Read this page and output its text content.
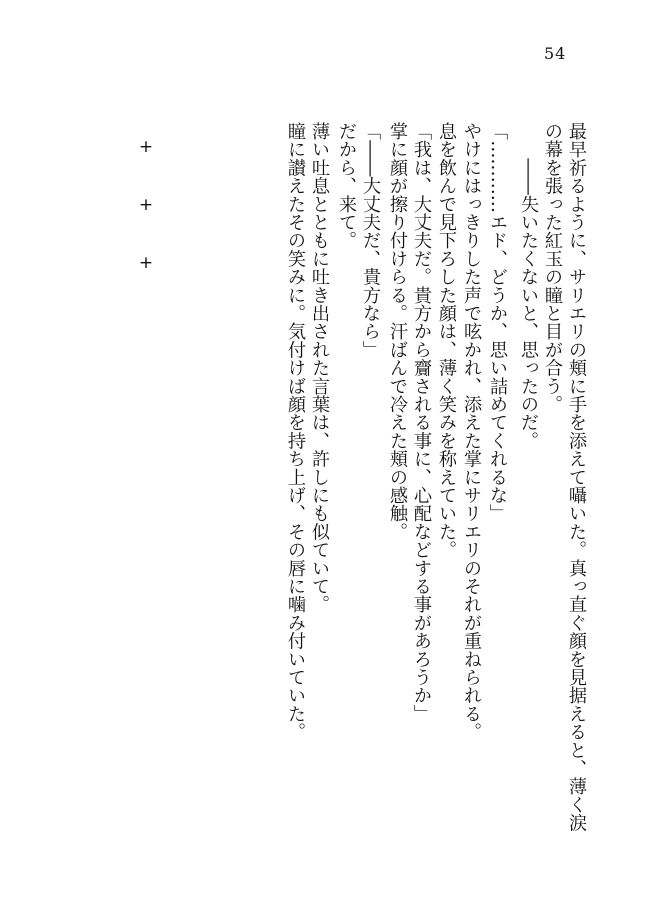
54
最早祈るように、サリエリの頬に手を添えて囁いた。真っ直ぐ顔を見据えると、薄く涙
の幕を張った紅玉の瞳と目が合う。
　　――失いたくないと、思ったのだ。
「…………エド、どうか、思い詰めてくれるな」
やけにはっきりした声で呟かれ、添えた掌にサリエリのそれが重ねられる。
息を飲んで見下ろした顔は、薄く笑みを称えていた。
「我は、大丈夫だ。貴方から齎される事に、心配などする事があろうか」
掌に顔が擦り付けらる。汗ばんで冷えた頬の感触。
「――大丈夫だ、貴方なら」
だから、来て。
薄い吐息とともに吐き出された言葉は、許しにも似ていて。
瞳に讃えたその笑みに。気付けば顔を持ち上げ、その唇に噛み付いていた。
+
+
+
